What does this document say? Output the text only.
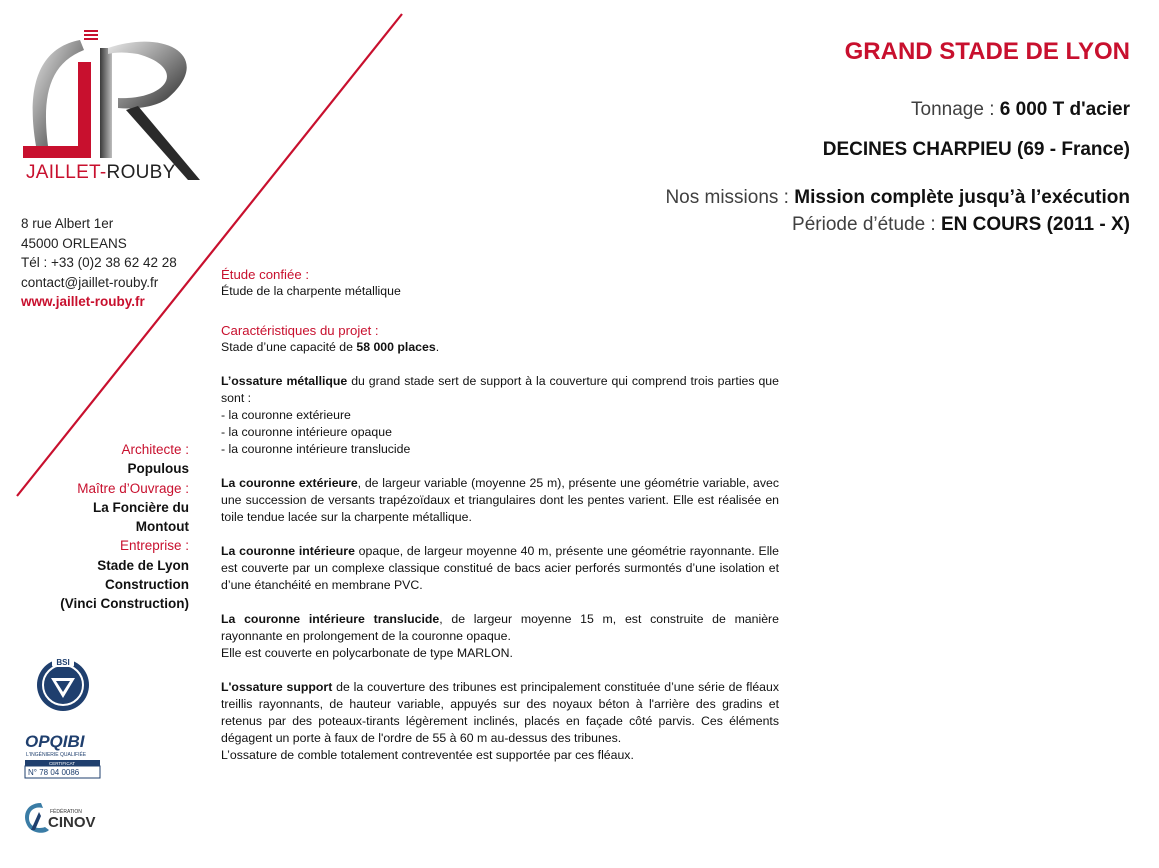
JAILLET-ROUBY
8 rue Albert 1er
45000 ORLEANS
Tél : +33 (0)2 38 62 42 28
contact@jaillet-rouby.fr
www.jaillet-rouby.fr
GRAND STADE DE LYON
Tonnage : 6 000 T d'acier
DECINES CHARPIEU (69 - France)
Nos missions : Mission complète jusqu’à l’exécution
Période d’étude : EN COURS (2011 - X)
Architecte :
Populous
Maître d’Ouvrage :
La Foncière du
Montout
Entreprise :
Stade de Lyon
Construction
(Vinci Construction)

Étude confiée :

Étude de la charpente métallique

Caractéristiques du projet :

Stade d’une capacité de 58 000 places.

L’ossature métallique du grand stade sert de support à la couverture qui comprend trois parties que sont :

- la couronne extérieure

- la couronne intérieure opaque

- la couronne intérieure translucide

La couronne extérieure, de largeur variable (moyenne 25 m), présente une géométrie variable, avec une succession de versants trapézoïdaux et triangulaires dont les pentes varient. Elle est réalisée en toile tendue lacée sur la charpente métallique.

La couronne intérieure opaque, de largeur moyenne 40 m, présente une géométrie rayonnante. Elle est couverte par un complexe classique constitué de bacs acier perforés surmontés d’une isolation et d’une étanchéité en membrane PVC.

La couronne intérieure translucide, de largeur moyenne 15 m, est construite de manière rayonnante en prolongement de la couronne opaque.

Elle est couverte en polycarbonate de type MARLON.

L'ossature support de la couverture des tribunes est principalement constituée d’une série de fléaux treillis rayonnants, de hauteur variable, appuyés sur des noyaux béton à l'arrière des gradins et retenus par des poteaux-tirants légèrement inclinés, placés en façade côté parvis. Ces éléments dégagent un porte à faux de l'ordre de 55 à 60 m au-dessus des tribunes.

L’ossature de comble totalement contreventée est supportée par ces fléaux.

BSI
OPQIBI
L'INGÉNIERIE QUALIFIÉE
CERTIFICAT
N° 78 04 0086
FÉDÉRATION
CINOV
